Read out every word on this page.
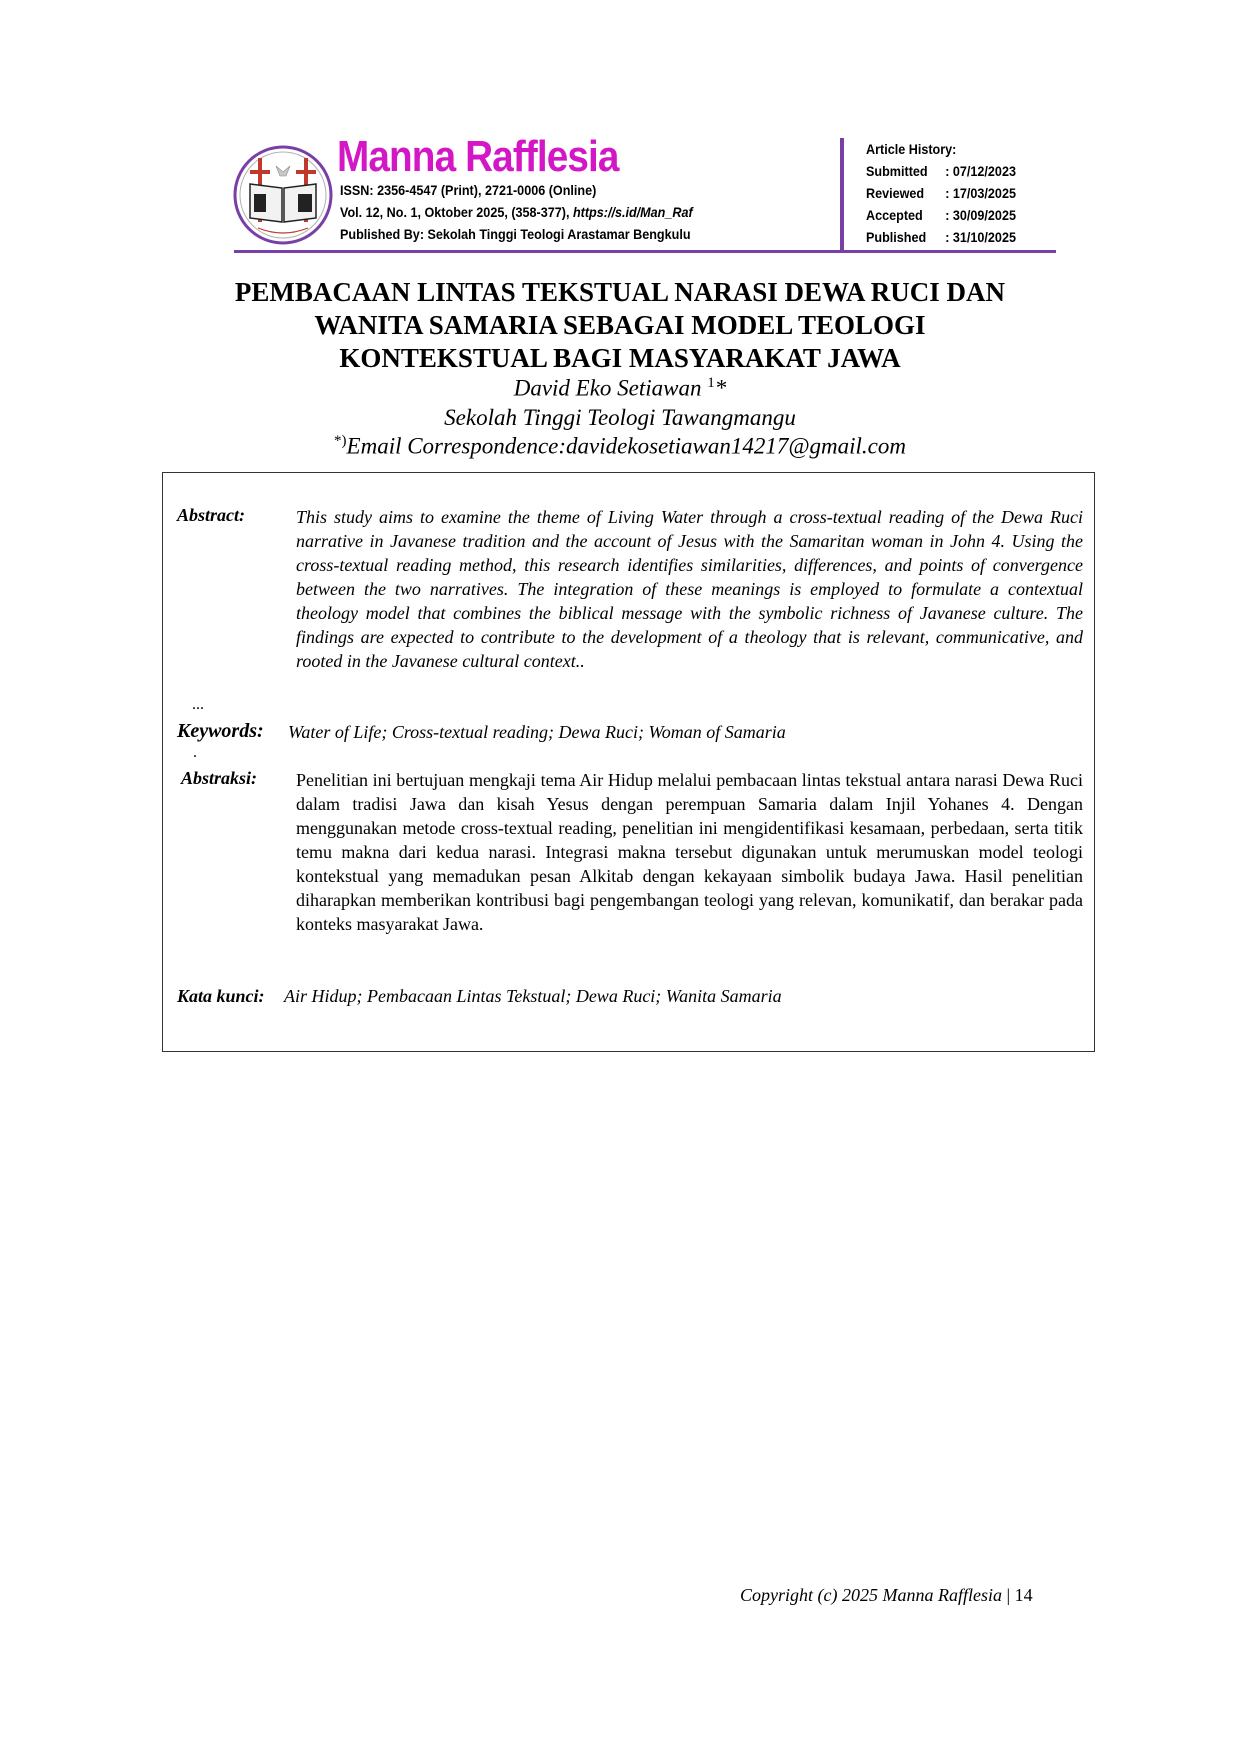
Manna Rafflesia
ISSN: 2356-4547 (Print), 2721-0006 (Online)
Vol. 12, No. 1, Oktober 2025, (358-377), https://s.id/Man_Raf
Published By: Sekolah Tinggi Teologi Arastamar Bengkulu
Article History:
Submitted : 07/12/2023
Reviewed : 17/03/2025
Accepted : 30/09/2025
Published : 31/10/2025
PEMBACAAN LINTAS TEKSTUAL NARASI DEWA RUCI DAN
WANITA SAMARIA SEBAGAI MODEL TEOLOGI
KONTEKSTUAL BAGI MASYARAKAT JAWA
David Eko Setiawan $^1$*
Sekolah Tinggi Teologi Tawangmangu
*)Email Correspondence:davidekosetiawan14217@gmail.com
Abstract:	This study aims to examine the theme of Living Water through a cross-textual reading of the Dewa Ruci narrative in Javanese tradition and the account of Jesus with the Samaritan woman in John 4. Using the cross-textual reading method, this research identifies similarities, differences, and points of convergence between the two narratives. The integration of these meanings is employed to formulate a contextual theology model that combines the biblical message with the symbolic richness of Javanese culture. The findings are expected to contribute to the development of a theology that is relevant, communicative, and rooted in the Javanese cultural context..
...
Keywords: Water of Life; Cross-textual reading; Dewa Ruci; Woman of Samaria
.
Abstraksi: Penelitian ini bertujuan mengkaji tema Air Hidup melalui pembacaan lintas tekstual antara narasi Dewa Ruci dalam tradisi Jawa dan kisah Yesus dengan perempuan Samaria dalam Injil Yohanes 4. Dengan menggunakan metode cross-textual reading, penelitian ini mengidentifikasi kesamaan, perbedaan, serta titik temu makna dari kedua narasi. Integrasi makna tersebut digunakan untuk merumuskan model teologi kontekstual yang memadukan pesan Alkitab dengan kekayaan simbolik budaya Jawa. Hasil penelitian diharapkan memberikan kontribusi bagi pengembangan teologi yang relevan, komunikatif, dan berakar pada konteks masyarakat Jawa.
Kata kunci: Air Hidup; Pembacaan Lintas Tekstual; Dewa Ruci; Wanita Samaria
Copyright (c) 2025 Manna Rafflesia | 14
